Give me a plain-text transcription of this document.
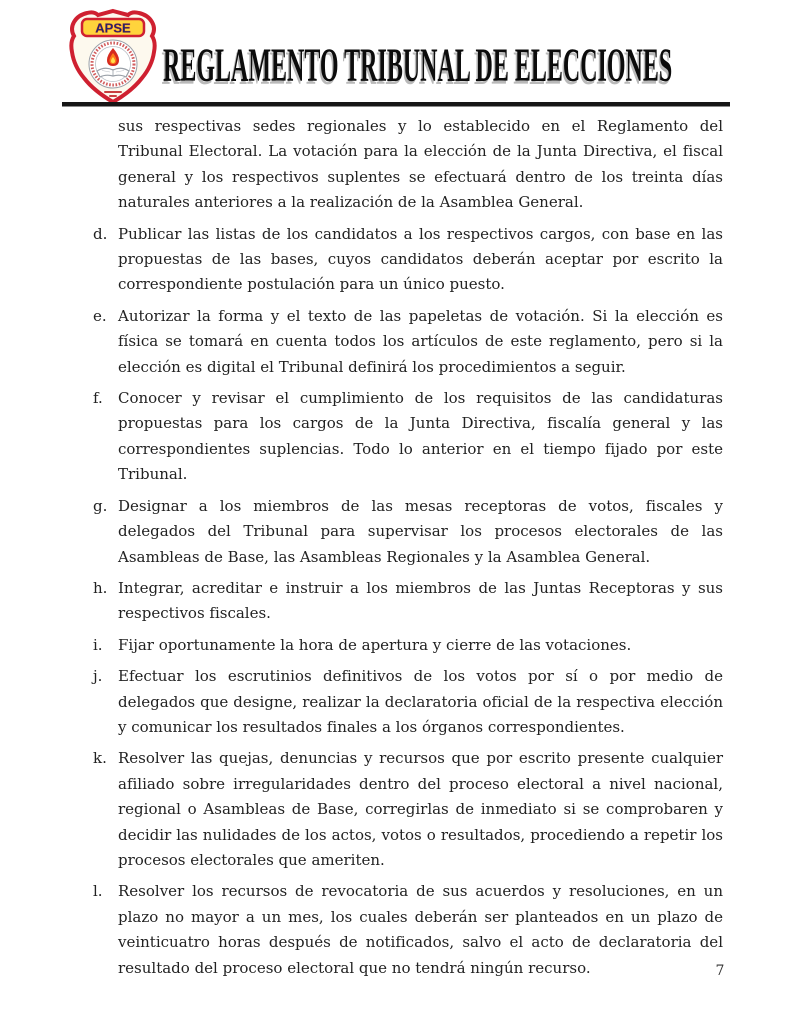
APSE
REGLAMENTO TRIBUNAL DE ELECCIONES

sus respectivas sedes regionales y lo establecido en el Reglamento del Tribunal Electoral. La votación para la elección de la Junta Directiva, el fiscal general y los respectivos suplentes se efectuará dentro de los treinta días naturales anteriores a la realización de la Asamblea General.

d. Publicar las listas de los candidatos a los respectivos cargos, con base en las propuestas de las bases, cuyos candidatos deberán aceptar por escrito la correspondiente postulación para un único puesto.
e. Autorizar la forma y el texto de las papeletas de votación. Si la elección es física se tomará en cuenta todos los artículos de este reglamento, pero si la elección es digital el Tribunal definirá los procedimientos a seguir.
f.	Conocer y revisar el cumplimiento de los requisitos de las candidaturas propuestas para los cargos de la Junta Directiva, fiscalía general y las correspondientes suplencias. Todo lo anterior en el tiempo fijado por este Tribunal.
g. Designar a los miembros de las mesas receptoras de votos, fiscales y delegados del Tribunal para supervisar los procesos electorales de las Asambleas de Base, las Asambleas Regionales y la Asamblea General.
h. Integrar, acreditar e instruir a los miembros de las Juntas Receptoras y sus respectivos fiscales.
i.	Fijar oportunamente la hora de apertura y cierre de las votaciones.
j.	Efectuar los escrutinios definitivos de los votos por sí o por medio de delegados que designe, realizar la declaratoria oficial de la respectiva elección y comunicar los resultados finales a los órganos correspondientes.
k. Resolver las quejas, denuncias y recursos que por escrito presente cualquier afiliado sobre irregularidades dentro del proceso electoral a nivel nacional, regional o Asambleas de Base, corregirlas de inmediato si se comprobaren y decidir las nulidades de los actos, votos o resultados, procediendo a repetir los procesos electorales que ameriten.
l.	Resolver los recursos de revocatoria de sus acuerdos y resoluciones, en un plazo no mayor a un mes, los cuales deberán ser planteados en un plazo de veinticuatro horas después de notificados, salvo el acto de declaratoria del resultado del proceso electoral que no tendrá ningún recurso.	7
